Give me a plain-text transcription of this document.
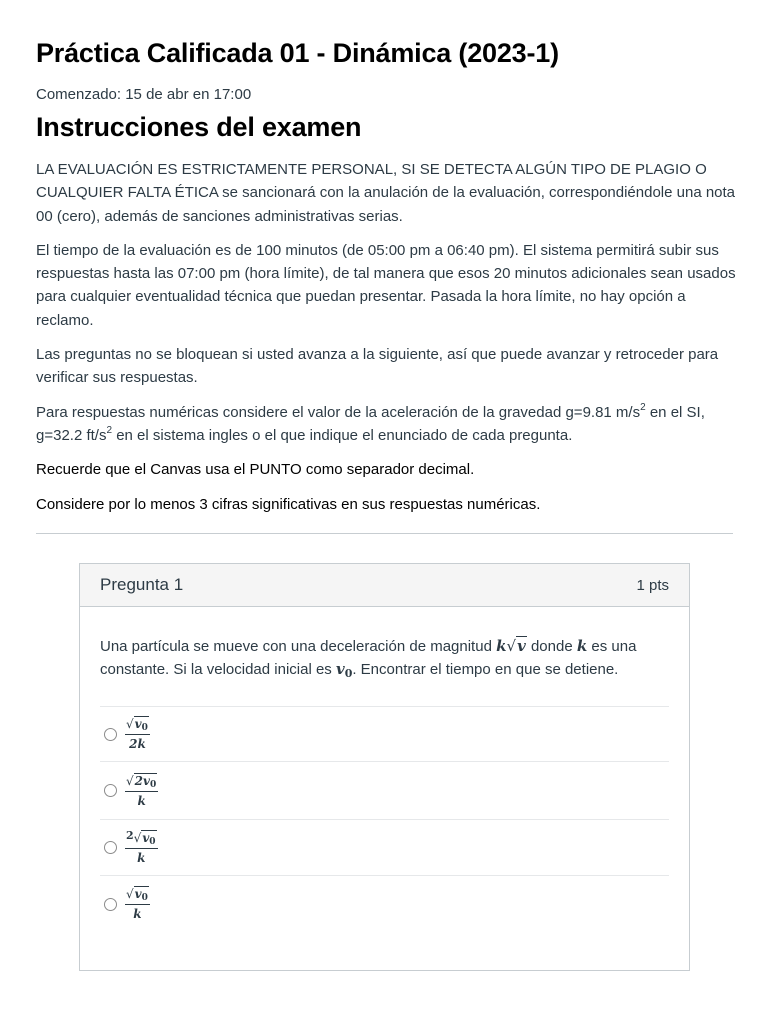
Práctica Calificada 01 - Dinámica (2023-1)
Comenzado: 15 de abr en 17:00
Instrucciones del examen

LA EVALUACIÓN ES ESTRICTAMENTE PERSONAL, SI SE DETECTA ALGÚN TIPO DE PLAGIO O CUALQUIER FALTA ÉTICA se sancionará con la anulación de la evaluación, correspondiéndole una nota 00 (cero), además de sanciones administrativas serias.

El tiempo de la evaluación es de 100 minutos (de 05:00 pm a 06:40 pm). El sistema permitirá subir sus respuestas hasta las 07:00 pm (hora límite), de tal manera que esos 20 minutos adicionales sean usados para cualquier eventualidad técnica que puedan presentar. Pasada la hora límite, no hay opción a reclamo.

Las preguntas no se bloquean si usted avanza a la siguiente, así que puede avanzar y retroceder para verificar sus respuestas.

Para respuestas numéricas considere el valor de la aceleración de la gravedad g=9.81 $m/s^2$ en el SI, g=32.2 $ft/s^2$ en el sistema ingles o el que indique el enunciado de cada pregunta.

Recuerde que el Canvas usa el PUNTO como separador decimal.

Considere por lo menos 3 cifras significativas en sus respuestas numéricas.

Pregunta 1	1 pts
Una partícula se mueve con una deceleración de magnitud k√v donde k es una constante. Si la velocidad inicial es $v_0$. Encontrar el tiempo en que se detiene.
$\frac{√v0}{2k}$
$\frac{√2v0}{k}$
$\frac{2√v0}{k}$
$\frac{√v0}{k}$
